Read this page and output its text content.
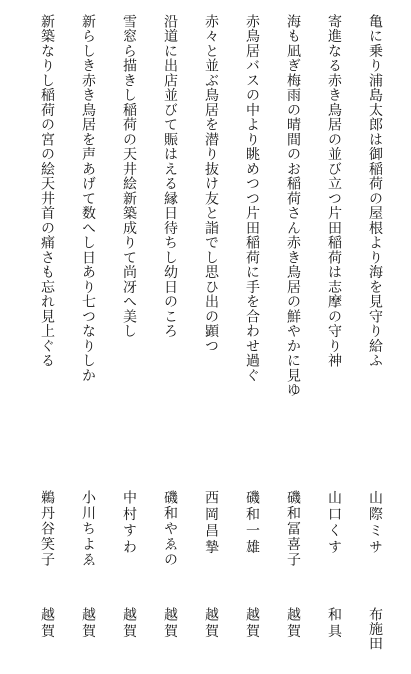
亀に乗り浦島太郎は御稲荷の屋根より海を見守り給ふ
寄進なる赤き鳥居の並び立つ片田稲荷は志摩の守り神
海も凪ぎ梅雨の晴間のお稲荷さん赤き鳥居の鮮やかに見ゆ
赤鳥居バスの中より眺めつつ片田稲荷に手を合わせ過ぐ
赤々と並ぶ鳥居を潜り抜け友と詣でし思ひ出の顕つ
沿道に出店並びて賑はえる縁日待ちし幼日のころ
雪窓ら描きし稲荷の天井絵新築成りて尚冴へ美し
新らしき赤き鳥居を声あげて数へし日あり七つなりしか
新築なりし稲荷の宮の絵天井首の痛さも忘れ見上ぐる
山際ミサ
山口くす
磯和冨喜子
磯和一雄
西岡昌摯
磯和やゑの
中村すわ
小川ちよゑ
鵜丹谷笑子
布施田
和具
越賀
越賀
越賀
越賀
越賀
越賀
越賀
